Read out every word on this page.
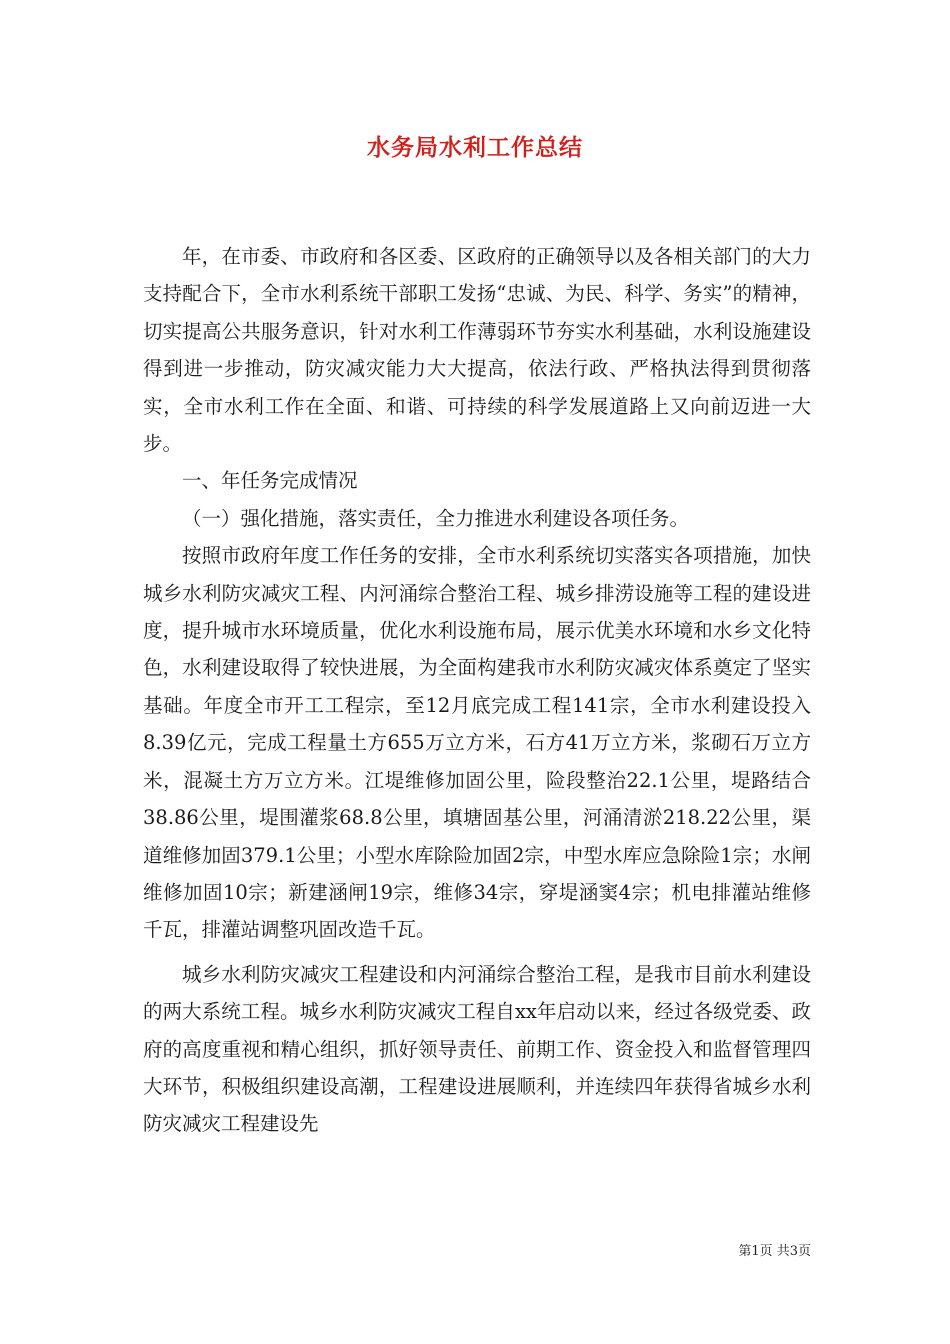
水务局水利工作总结

年，在市委、市政府和各区委、区政府的正确领导以及各相关部门的大力支持配合下，全市水利系统干部职工发扬“忠诚、为民、科学、务实”的精神，切实提高公共服务意识，针对水利工作薄弱环节夯实水利基础，水利设施建设得到进一步推动，防灾减灾能力大大提高，依法行政、严格执法得到贯彻落实，全市水利工作在全面、和谐、可持续的科学发展道路上又向前迈进一大步。

一、年任务完成情况

（一）强化措施，落实责任，全力推进水利建设各项任务。

按照市政府年度工作任务的安排，全市水利系统切实落实各项措施，加快城乡水利防灾减灾工程、内河涌综合整治工程、城乡排涝设施等工程的建设进度，提升城市水环境质量，优化水利设施布局，展示优美水环境和水乡文化特色，水利建设取得了较快进展，为全面构建我市水利防灾减灾体系奠定了坚实基础。年度全市开工工程宗，至12月底完成工程141宗，全市水利建设投入8.39亿元，完成工程量土方655万立方米，石方41万立方米，浆砌石万立方米，混凝土方万立方米。江堤维修加固公里，险段整治22.1公里，堤路结合38.86公里，堤围灌浆68.8公里，填塘固基公里，河涌清淤218.22公里，渠道维修加固379.1公里；小型水库除险加固2宗，中型水库应急除险1宗；水闸维修加固10宗；新建涵闸19宗，维修34宗，穿堤涵窦4宗；机电排灌站维修千瓦，排灌站调整巩固改造千瓦。

城乡水利防灾减灾工程建设和内河涌综合整治工程，是我市目前水利建设的两大系统工程。城乡水利防灾减灾工程自xx年启动以来，经过各级党委、政府的高度重视和精心组织，抓好领导责任、前期工作、资金投入和监督管理四大环节，积极组织建设高潮，工程建设进展顺利，并连续四年获得省城乡水利防灾减灾工程建设先

第1页 共3页
